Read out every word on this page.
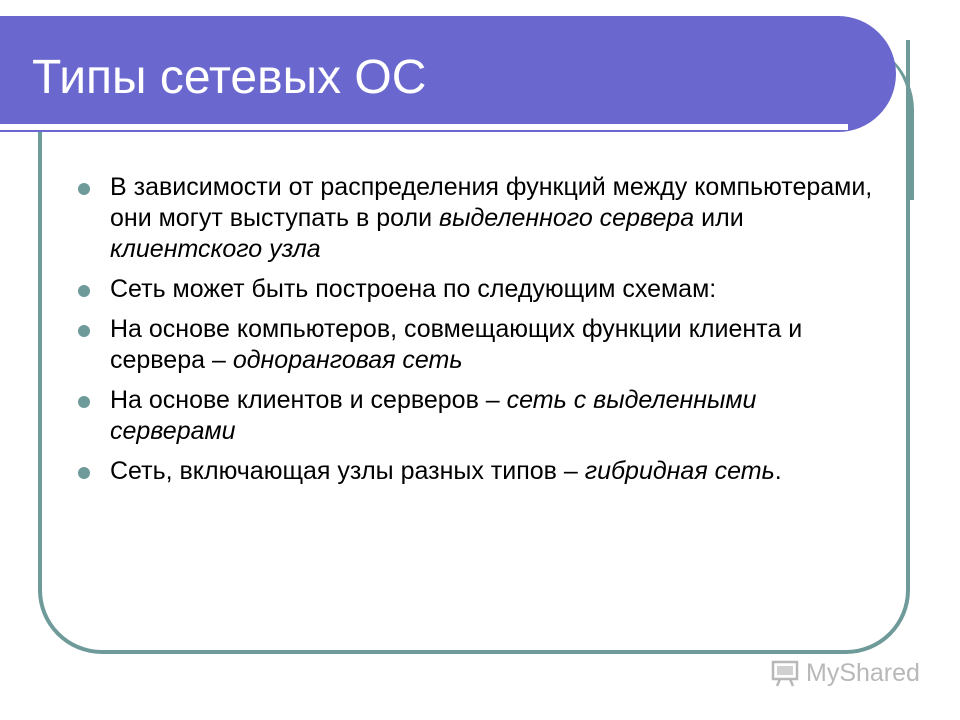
Типы сетевых ОС
В зависимости от распределения функций между компьютерами, они могут выступать в роли выделенного сервера или клиентского узла
Сеть может быть построена по следующим схемам:
На основе компьютеров, совмещающих функции клиента и сервера – одноранговая сеть
На основе клиентов и серверов – сеть с выделенными серверами
Сеть, включающая узлы разных типов – гибридная сеть.
MyShared
